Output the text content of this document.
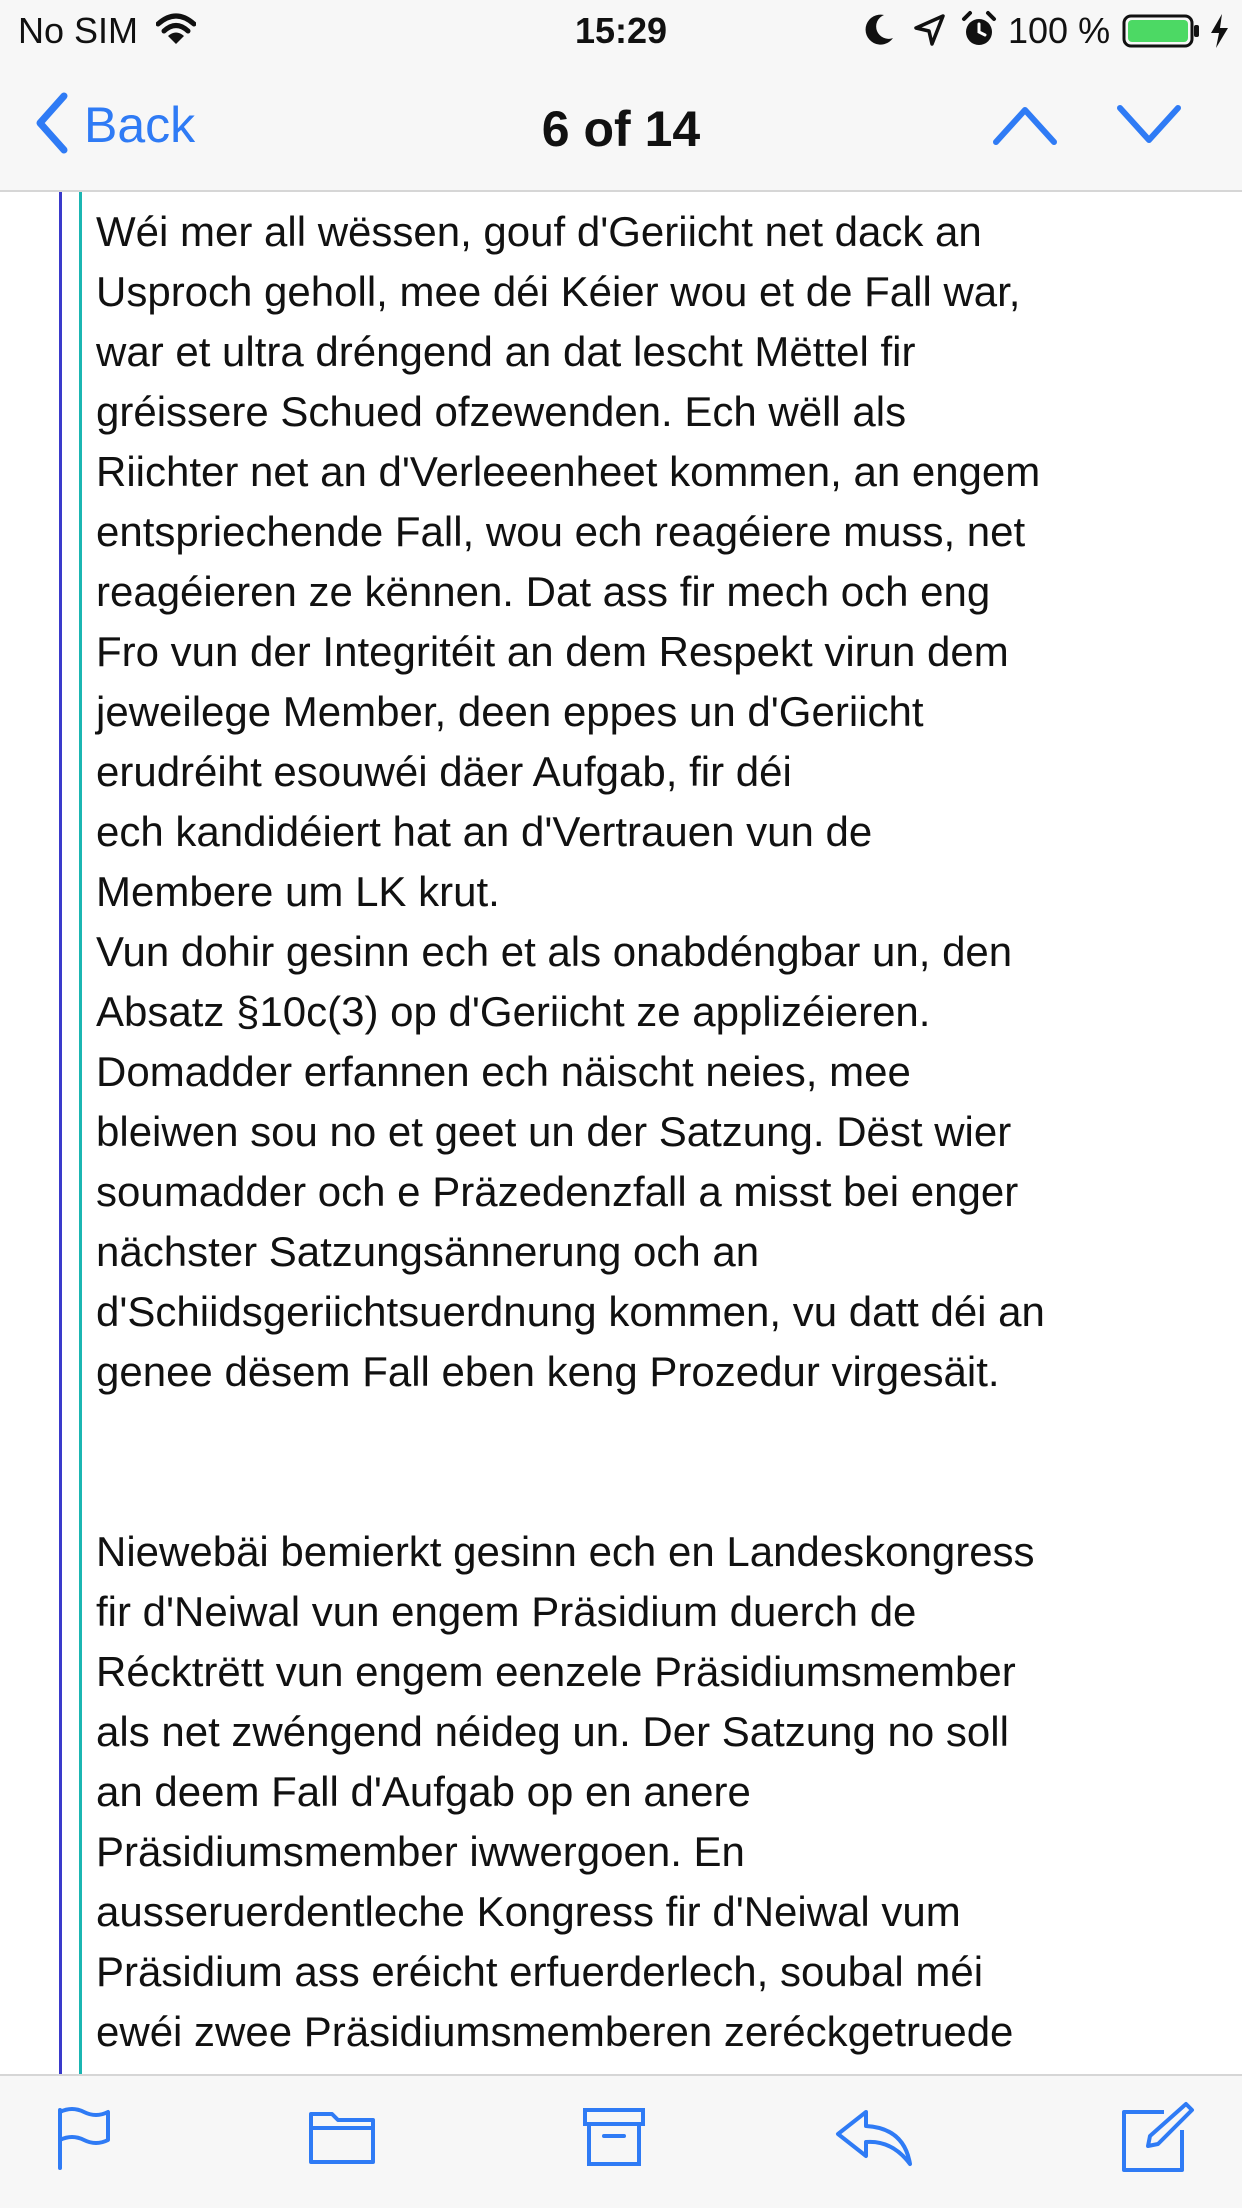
No SIM	15:29	100 %
Back	6 of 14

Wéi mer all wëssen, gouf d'Geriicht net dack an
Usproch geholl, mee déi Kéier wou et de Fall war,
war et ultra dréngend an dat lescht Mëttel fir
gréissere Schued ofzewenden. Ech wëll als
Riichter net an d'Verleeenheet kommen, an engem
entspriechende Fall, wou ech reagéiere muss, net
reagéieren ze kënnen. Dat ass fir mech och eng
Fro vun der Integritéit an dem Respekt virun dem
jeweilege Member, deen eppes un d'Geriicht
erudréiht esouwéi däer Aufgab, fir déi
ech kandidéiert hat an d'Vertrauen vun de
Membere um LK krut.
Vun dohir gesinn ech et als onabdéngbar un, den
Absatz §10c(3) op d'Geriicht ze applizéieren.
Domadder erfannen ech näischt neies, mee
bleiwen sou no et geet un der Satzung. Dëst wier
soumadder och e Präzedenzfall a misst bei enger
nächster Satzungsännerung och an
d'Schiidsgeriichtsuerdnung kommen, vu datt déi an
genee dësem Fall eben keng Prozedur virgesäit.

Niewebäi bemierkt gesinn ech en Landeskongress
fir d'Neiwal vun engem Präsidium duerch de
Récktrëtt vun engem eenzele Präsidiumsmember
als net zwéngend néideg un. Der Satzung no soll
an deem Fall d'Aufgab op en anere
Präsidiumsmember iwwergoen. En
ausseruerdentleche Kongress fir d'Neiwal vum
Präsidium ass eréicht erfuerderlech, soubal méi
ewéi zwee Präsidiumsmemberen zeréckgetruede
